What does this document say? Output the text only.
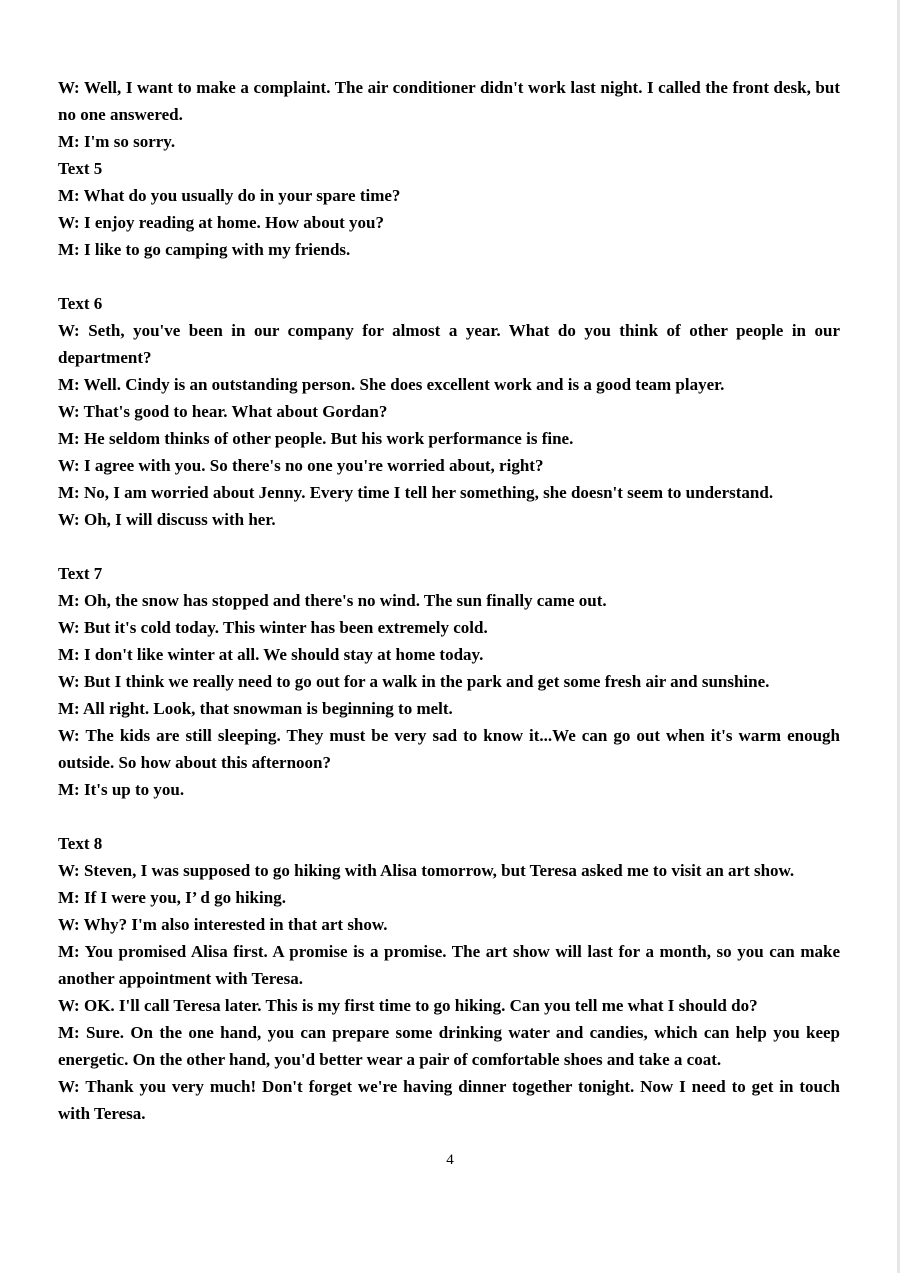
W: Well, I want to make a complaint. The air conditioner didn't work last night. I called the front desk, but no one answered.

M: I'm so sorry.

Text 5

M: What do you usually do in your spare time?

W: I enjoy reading at home. How about you?

M: I like to go camping with my friends.

Text 6

W: Seth, you've been in our company for almost a year. What do you think of other people in our department?

M: Well. Cindy is an outstanding person. She does excellent work and is a good team player.

W: That's good to hear. What about Gordan?

M: He seldom thinks of other people. But his work performance is fine.

W: I agree with you. So there's no one you're worried about, right?

M: No, I am worried about Jenny. Every time I tell her something, she doesn't seem to understand.

W: Oh, I will discuss with her.

Text 7

M: Oh, the snow has stopped and there's no wind. The sun finally came out.

W: But it's cold today. This winter has been extremely cold.

M: I don't like winter at all. We should stay at home today.

W: But I think we really need to go out for a walk in the park and get some fresh air and sunshine.

M: All right. Look, that snowman is beginning to melt.

W: The kids are still sleeping. They must be very sad to know it...We can go out when it's warm enough outside. So how about this afternoon?

M: It's up to you.

Text 8

W: Steven, I was supposed to go hiking with Alisa tomorrow, but Teresa asked me to visit an art show.

M: If I were you, I’ d go hiking.

W: Why? I'm also interested in that art show.

M: You promised Alisa first. A promise is a promise. The art show will last for a month, so you can make another appointment with Teresa.

W: OK. I'll call Teresa later. This is my first time to go hiking. Can you tell me what I should do?

M: Sure. On the one hand, you can prepare some drinking water and candies, which can help you keep energetic. On the other hand, you'd better wear a pair of comfortable shoes and take a coat.

W: Thank you very much! Don't forget we're having dinner together tonight. Now I need to get in touch with Teresa.

4
